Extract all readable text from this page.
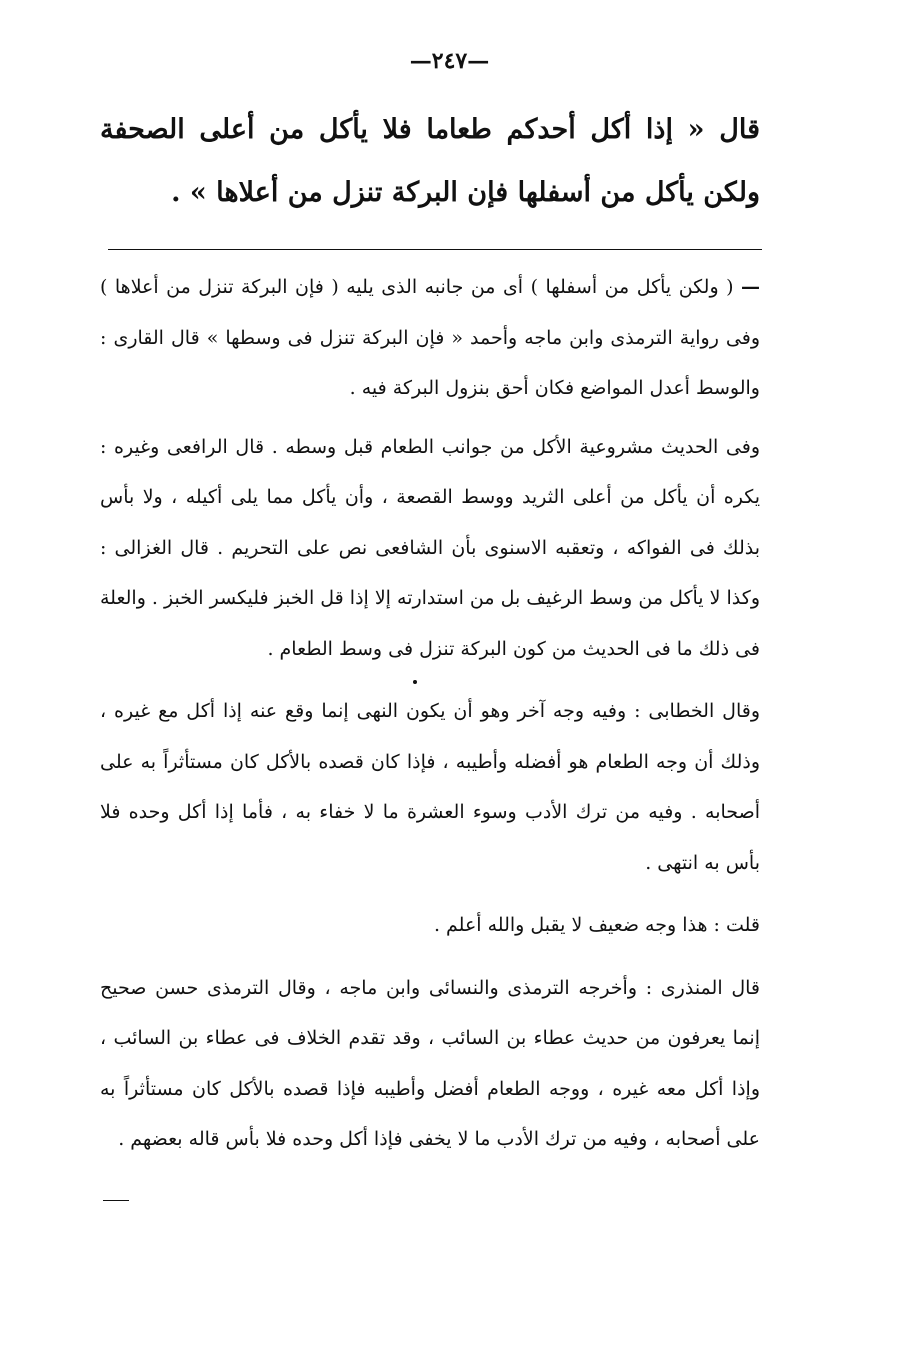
—٢٤٧—
قال « إذا أكل أحدكم طعاما فلا يأكل من أعلى الصحفة ولكن يأكل من أسفلها فإن البركة تنزل من أعلاها » .

— ( ولكن يأكل من أسفلها ) أى من جانبه الذى يليه ( فإن البركة تنزل من أعلاها ) وفى رواية الترمذى وابن ماجه وأحمد « فإن البركة تنزل فى وسطها » قال القارى : والوسط أعدل المواضع فكان أحق بنزول البركة فيه .

وفى الحديث مشروعية الأكل من جوانب الطعام قبل وسطه . قال الرافعى وغيره : يكره أن يأكل من أعلى الثريد ووسط القصعة ، وأن يأكل مما يلى أكيله ، ولا بأس بذلك فى الفواكه ، وتعقبه الاسنوى بأن الشافعى نص على التحريم . قال الغزالى : وكذا لا يأكل من وسط الرغيف بل من استدارته إلا إذا قل الخبز فليكسر الخبز . والعلة فى ذلك ما فى الحديث من كون البركة تنزل فى وسط الطعام .

وقال الخطابى : وفيه وجه آخر وهو أن يكون النهى إنما وقع عنه إذا أكل مع غيره ، وذلك أن وجه الطعام هو أفضله وأطيبه ، فإذا كان قصده بالأكل كان مستأثراً به على أصحابه . وفيه من ترك الأدب وسوء العشرة ما لا خفاء به ، فأما إذا أكل وحده فلا بأس به انتهى .

قلت : هذا وجه ضعيف لا يقبل والله أعلم .

قال المنذرى : وأخرجه الترمذى والنسائى وابن ماجه ، وقال الترمذى حسن صحيح إنما يعرفون من حديث عطاء بن السائب ، وقد تقدم الخلاف فى عطاء بن السائب ، وإذا أكل معه غيره ، ووجه الطعام أفضل وأطيبه فإذا قصده بالأكل كان مستأثراً به على أصحابه ، وفيه من ترك الأدب ما لا يخفى فإذا أكل وحده فلا بأس قاله بعضهم .
